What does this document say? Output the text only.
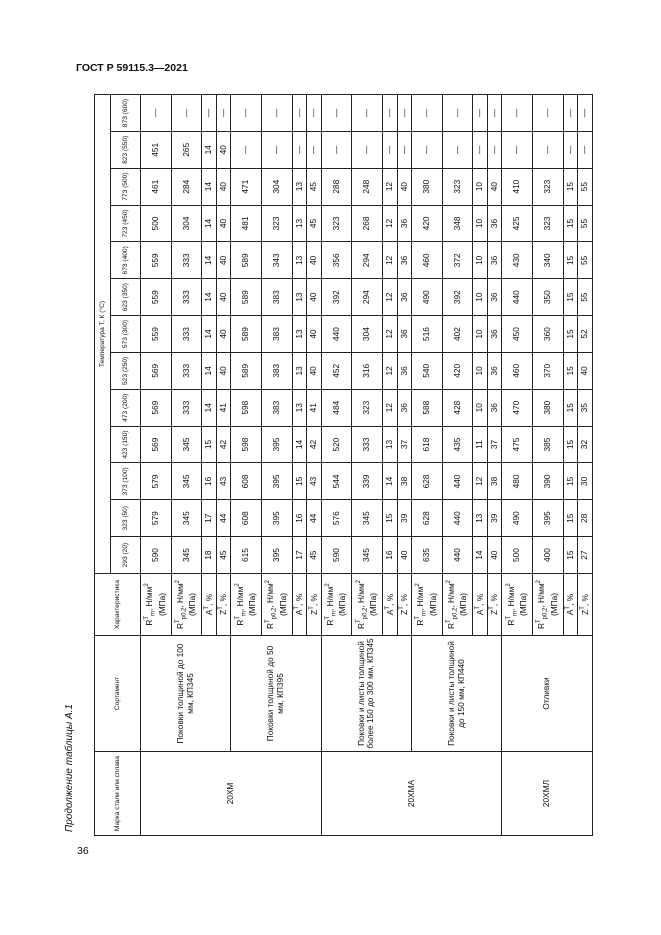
ГОСТ Р 59115.3—2021
Продолжение таблицы А.1
36
Марка стали или сплава	Сортамент	Характеристика	Температура T, К (°С)												
			293 (20)	323 (50)	373 (100)	423 (150)	473 (200)	523 (250)	573 (300)	623 (350)	673 (400)	723 (450)	773 (500)	823 (550)	873 (600)
20ХМ	Поковки толщиной до 100 мм, КП345	$R^T_m$, $Н/мм^2$ (МПа)	590	579	579	569	569	569	559	559	559	500	461	451	—
		$R^T_{p0,2}$, $Н/мм^2$ (МПа)	345	345	345	345	333	333	333	333	333	304	284	265	—
		$A^T$, %	18	17	16	15	14	14	14	14	14	14	14	14	—
		$Z^T$, %	45	44	43	42	41	40	40	40	40	40	40	40	—
	Поковки толщиной до 50 мм, КП395	$R^T_m$, $Н/мм^2$ (МПа)	615	608	608	598	598	589	589	589	589	481	471	—	—
		$R^T_{p0,2}$, $Н/мм^2$ (МПа)	395	395	395	395	383	383	383	383	343	323	304	—	—
		$A^T$, %	17	16	15	14	13	13	13	13	13	13	13	—	—
		$Z^T$, %	45	44	43	42	41	40	40	40	40	45	45	—	—
20ХМА	Поковки и листы толщиной более 150 до 300 мм, КП345	$R^T_m$, $Н/мм^2$ (МПа)	590	576	544	520	484	452	440	392	356	323	288	—	—
		$R^T_{p0,2}$, $Н/мм^2$ (МПа)	345	345	339	333	323	316	304	294	294	268	248	—	—
		$A^T$, %	16	15	14	13	12	12	12	12	12	12	12	—	—
		$Z^T$, %	40	39	38	37	36	36	36	36	36	36	40	—	—
	Поковки и листы толщиной до 150 мм, КП440	$R^T_m$, $Н/мм^2$ (МПа)	635	628	628	618	588	540	516	490	460	420	380	—	—
		$R^T_{p0,2}$, $Н/мм^2$ (МПа)	440	440	440	435	428	420	402	392	372	348	323	—	—
		$A^T$, %	14	13	12	11	10	10	10	10	10	10	10	—	—
		$Z^T$, %	40	39	38	37	36	36	36	36	36	36	40	—	—
20ХМЛ	Отливки	$R^T_m$, $Н/мм^2$ (МПа)	500	490	480	475	470	460	450	440	430	425	410	—	—
		$R^T_{p0,2}$, $Н/мм^2$ (МПа)	400	395	390	385	380	370	360	350	340	323	323	—	—
		$A^T$, %	15	15	15	15	15	15	15	15	15	15	15	—	—
		$Z^T$, %	27	28	30	32	35	40	52	55	55	55	55	—	—
